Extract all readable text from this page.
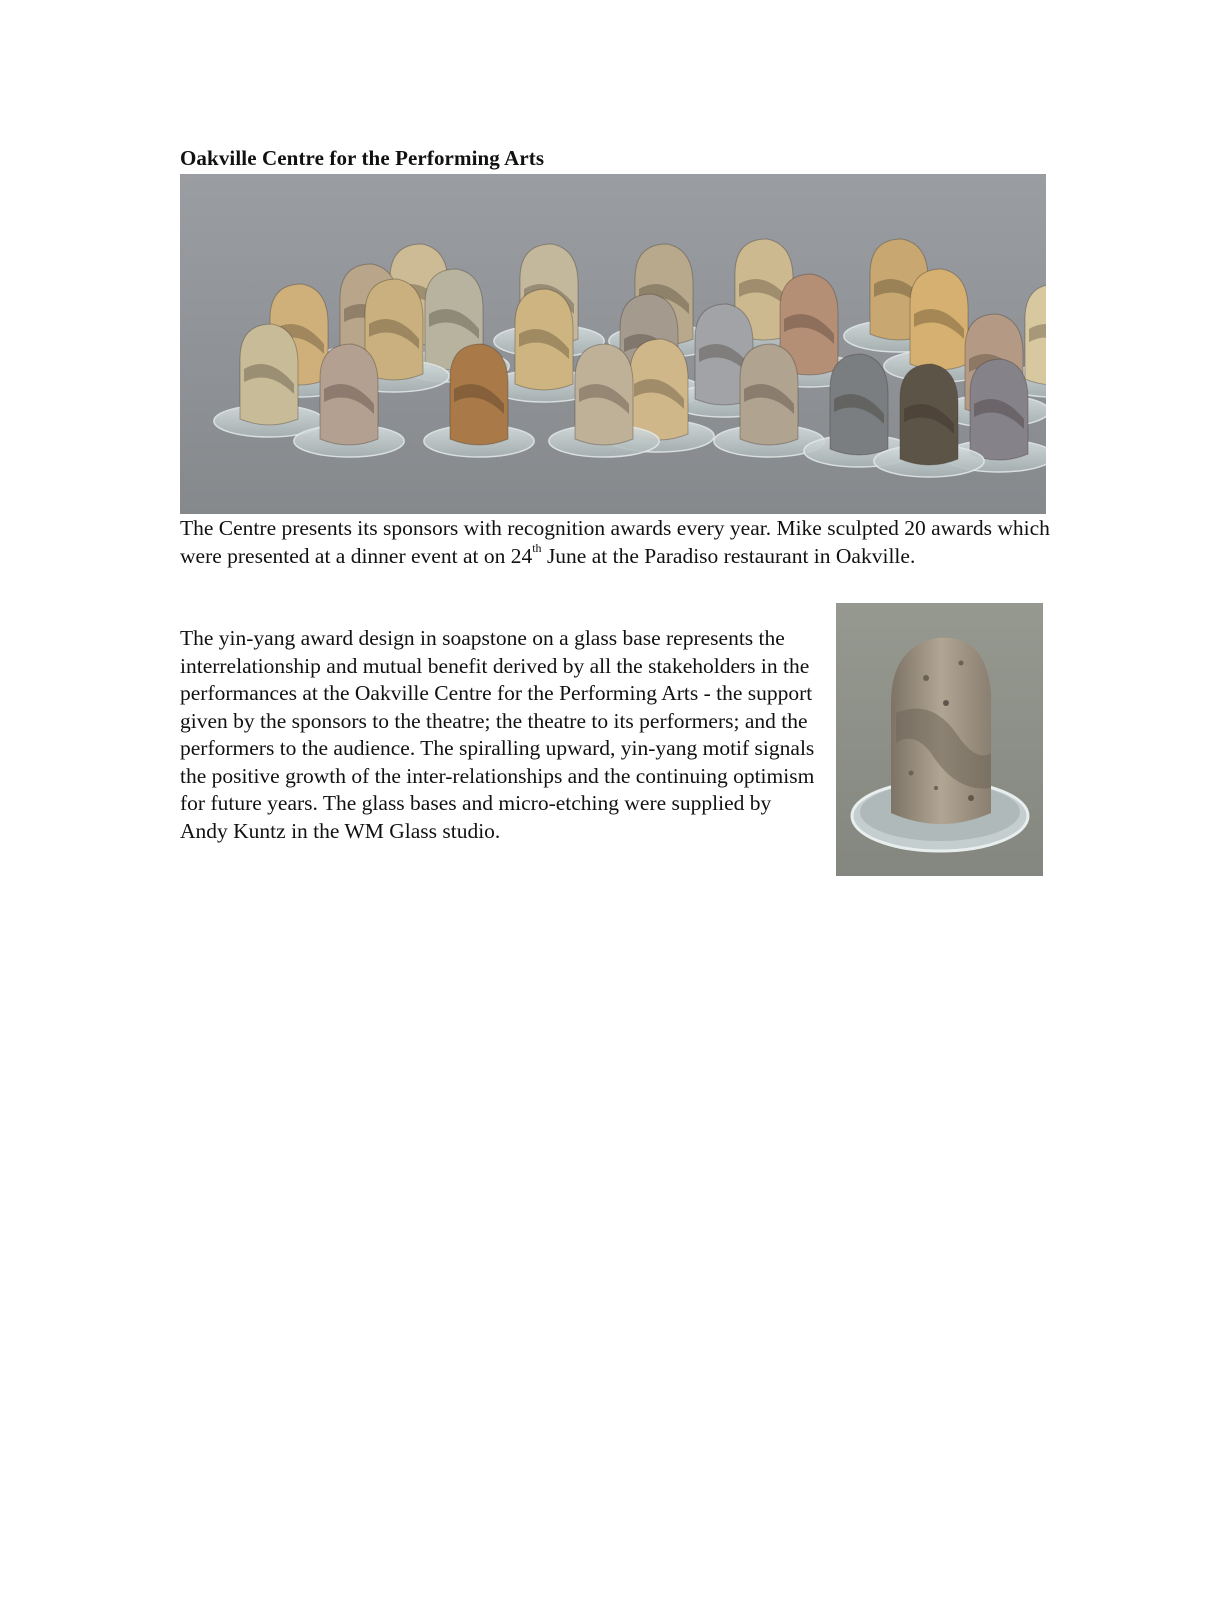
Oakville Centre for the Performing Arts

The Centre presents its sponsors with recognition awards every year. Mike sculpted 20 awards which were presented at a dinner event at on 24th June at the Paradiso restaurant in Oakville.

The yin-yang award design in soapstone on a glass base represents the interrelationship and mutual benefit derived by all the stakeholders in the performances at the Oakville Centre for the Performing Arts - the support given by the sponsors to the theatre; the theatre to its performers; and the performers to the audience. The spiralling upward, yin-yang motif signals the positive growth of the inter-relationships and the continuing optimism for future years. The glass bases and micro-etching were supplied by Andy Kuntz in the WM Glass studio.
